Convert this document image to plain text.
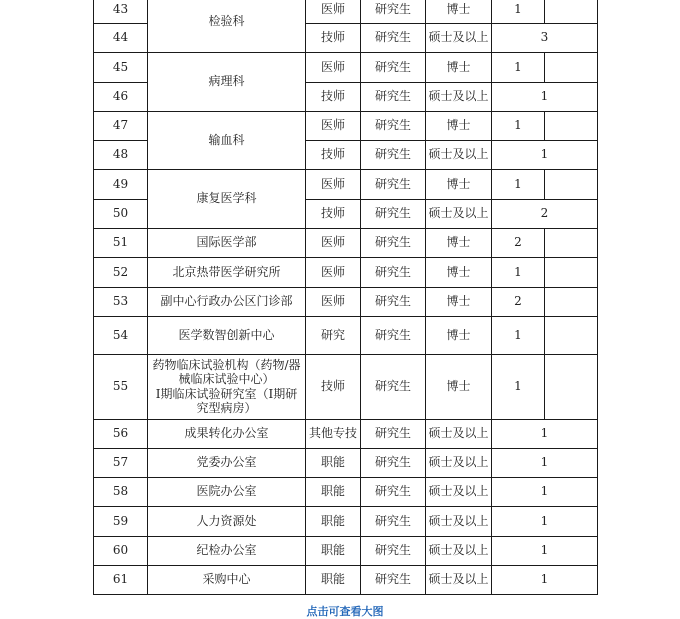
43	检验科	医师	研究生	博士	1	
44		技师	研究生	硕士及以上	3	
45	病理科	医师	研究生	博士	1	
46		技师	研究生	硕士及以上	1	
47	输血科	医师	研究生	博士	1	
48		技师	研究生	硕士及以上	1	
49	康复医学科	医师	研究生	博士	1	
50		技师	研究生	硕士及以上	2	
51	国际医学部	医师	研究生	博士	2	
52	北京热带医学研究所	医师	研究生	博士	1	
53	副中心行政办公区门诊部	医师	研究生	博士	2	
54	医学数智创新中心	研究	研究生	博士	1	
55	药物临床试验机构（药物/器
械临床试验中心）
Ⅰ期临床试验研究室（Ⅰ期研
究型病房）	技师	研究生	博士	1	
56	成果转化办公室	其他专技	研究生	硕士及以上	1	
57	党委办公室	职能	研究生	硕士及以上	1	
58	医院办公室	职能	研究生	硕士及以上	1	
59	人力资源处	职能	研究生	硕士及以上	1	
60	纪检办公室	职能	研究生	硕士及以上	1	
61	采购中心	职能	研究生	硕士及以上	1	
点击可查看大图
